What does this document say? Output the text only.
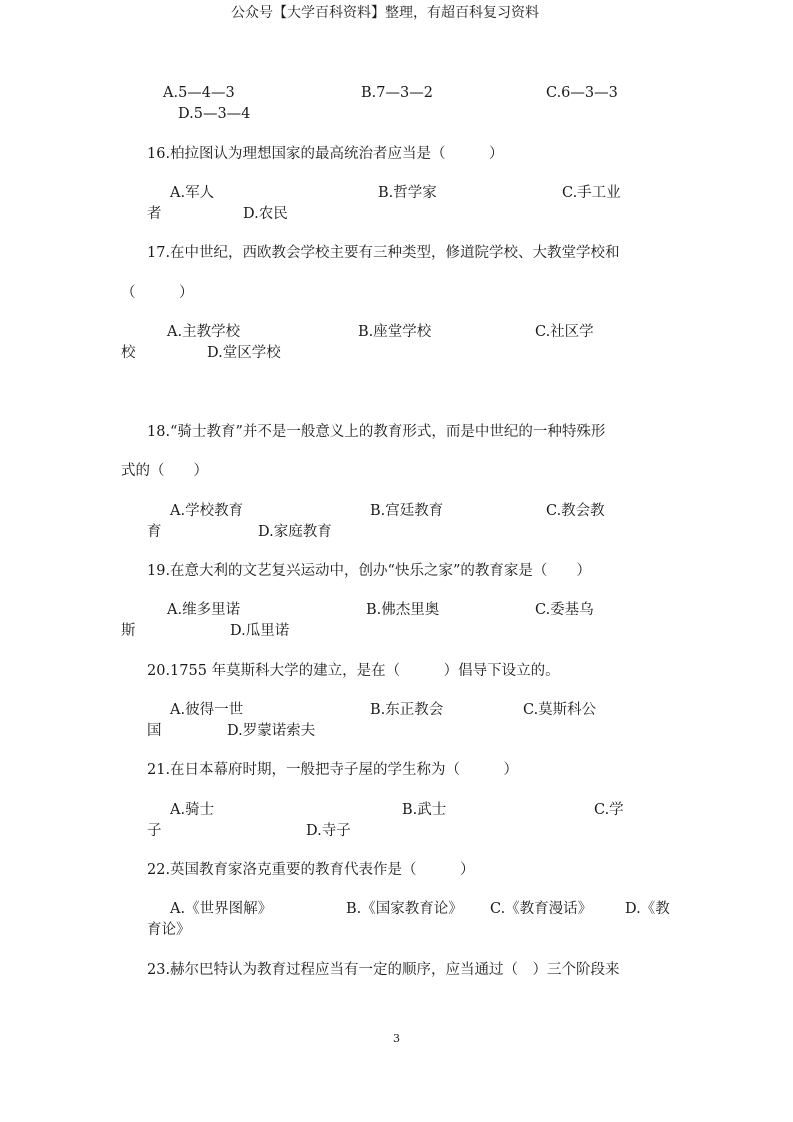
公众号【大学百科资料】整理，有超百科复习资料
A.5—4—3	B.7—3—2	C.6—3—3
D.5—3—4
16.柏拉图认为理想国家的最高统治者应当是（　　　）
A.军人	B.哲学家	C.手工业
者	D.农民
17.在中世纪，西欧教会学校主要有三种类型，修道院学校、大教堂学校和
（　　　）
A.主教学校	B.座堂学校	C.社区学
校	D.堂区学校
18.“骑士教育”并不是一般意义上的教育形式，而是中世纪的一种特殊形
式的（　　）
A.学校教育	B.宫廷教育	C.教会教
育	D.家庭教育
19.在意大利的文艺复兴运动中，创办“快乐之家”的教育家是（　　）
A.维多里诺	B.佛杰里奥	C.委基乌
斯	D.瓜里诺
20.1755 年莫斯科大学的建立，是在（　　　）倡导下设立的。
A.彼得一世	B.东正教会	C.莫斯科公
国	D.罗蒙诺索夫
21.在日本幕府时期，一般把寺子屋的学生称为（　　　）
A.骑士	B.武士	C.学
子	D.寺子
22.英国教育家洛克重要的教育代表作是（　　　）
A.《世界图解》	B.《国家教育论》 C.《教育漫话》 D.《教
育论》
23.赫尔巴特认为教育过程应当有一定的顺序，应当通过（　）三个阶段来
3
